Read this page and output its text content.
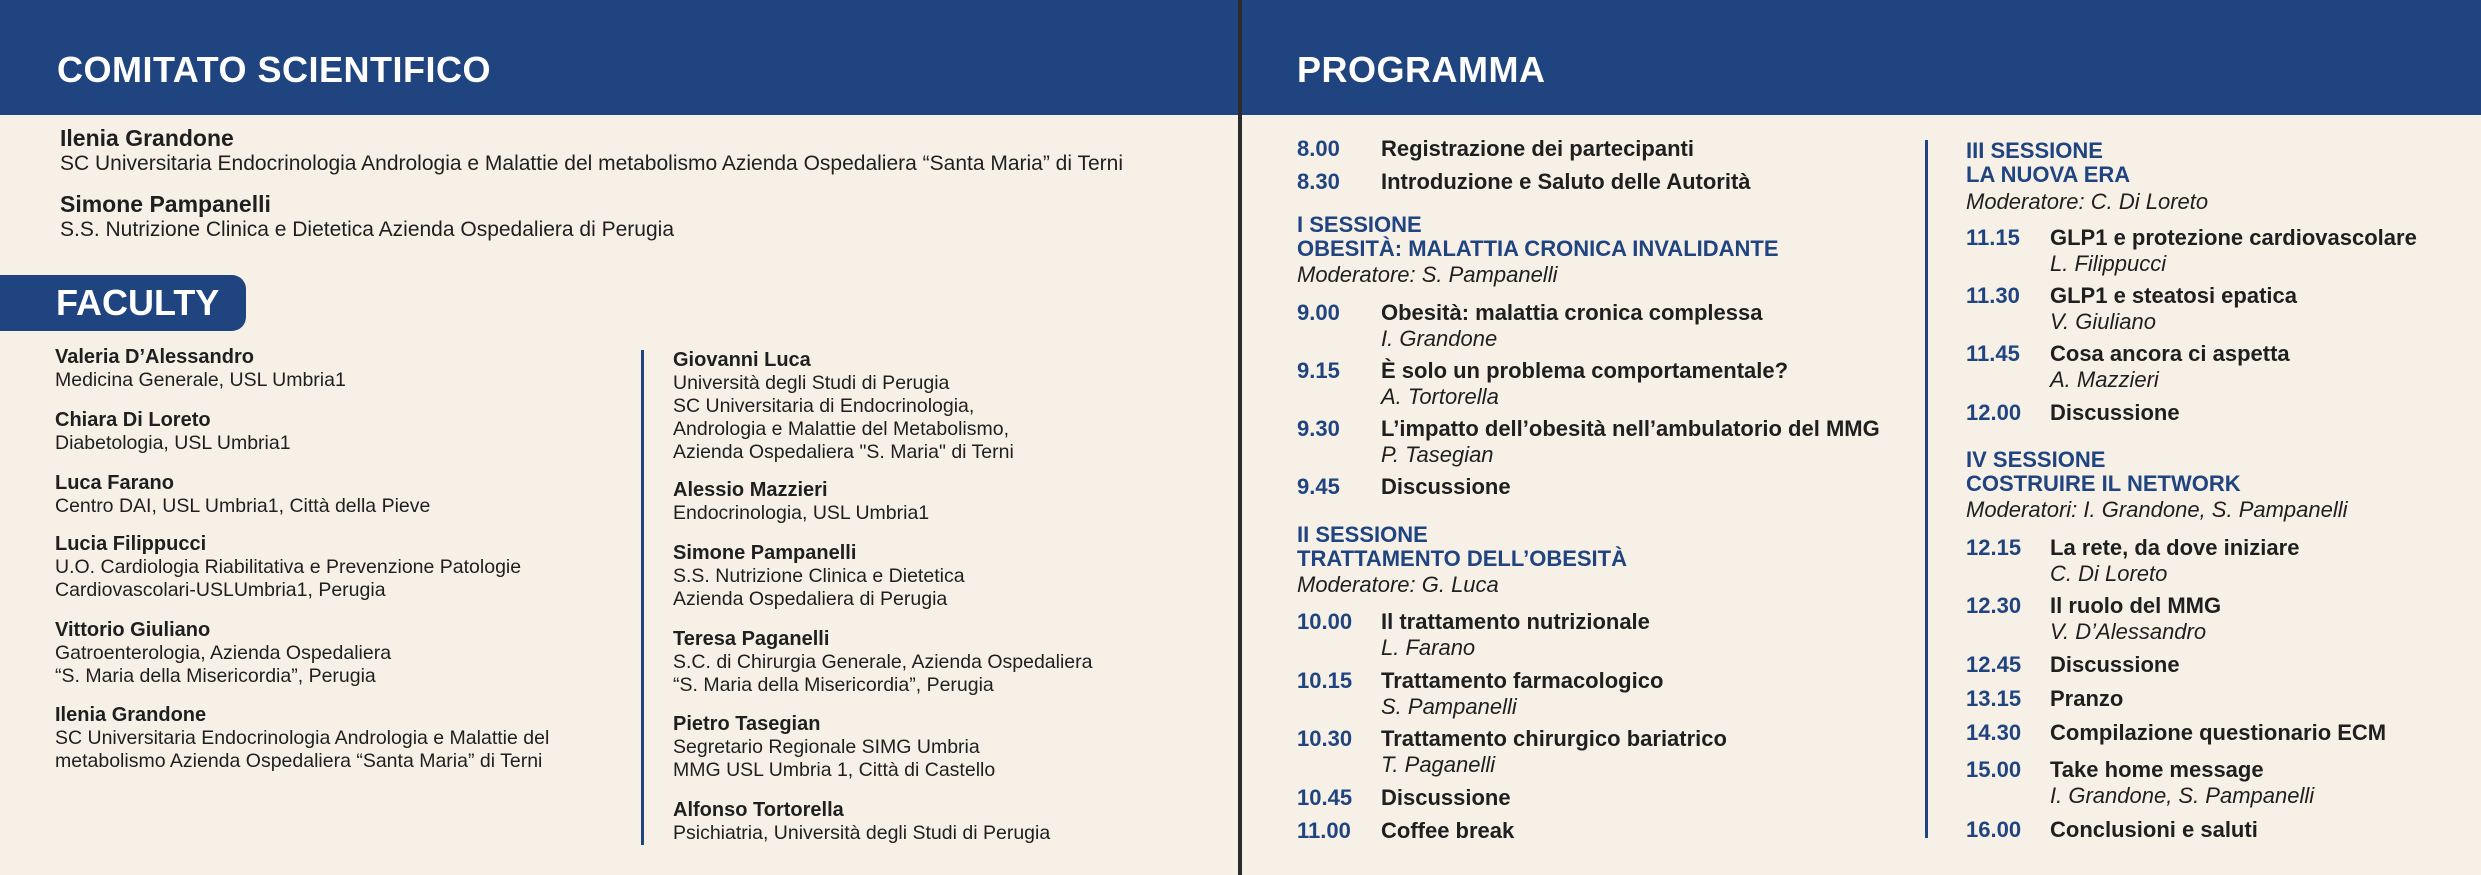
COMITATO SCIENTIFICO	PROGRAMMA
Ilenia Grandone
SC Universitaria Endocrinologia Andrologia e Malattie del metabolismo Azienda Ospedaliera “Santa Maria” di Terni
Simone Pampanelli
S.S. Nutrizione Clinica e Dietetica Azienda Ospedaliera di Perugia
FACULTY
Valeria D’Alessandro
Medicina Generale, USL Umbria1
Chiara Di Loreto
Diabetologia, USL Umbria1
Luca Farano
Centro DAI, USL Umbria1, Città della Pieve
Lucia Filippucci
U.O. Cardiologia Riabilitativa e Prevenzione Patologie
Cardiovascolari-USLUmbria1, Perugia
Vittorio Giuliano
Gatroenterologia, Azienda Ospedaliera
“S. Maria della Misericordia”, Perugia
Ilenia Grandone
SC Universitaria Endocrinologia Andrologia e Malattie del
metabolismo Azienda Ospedaliera “Santa Maria” di Terni
Giovanni Luca
Università degli Studi di Perugia
SC Universitaria di Endocrinologia,
Andrologia e Malattie del Metabolismo,
Azienda Ospedaliera "S. Maria" di Terni
Alessio Mazzieri
Endocrinologia, USL Umbria1
Simone Pampanelli
S.S. Nutrizione Clinica e Dietetica
Azienda Ospedaliera di Perugia
Teresa Paganelli
S.C. di Chirurgia Generale, Azienda Ospedaliera
“S. Maria della Misericordia”, Perugia
Pietro Tasegian
Segretario Regionale SIMG Umbria
MMG USL Umbria 1, Città di Castello
Alfonso Tortorella
Psichiatria, Università degli Studi di Perugia
8.00 Registrazione dei partecipanti
8.30 Introduzione e Saluto delle Autorità
I SESSIONE
OBESITÀ: MALATTIA CRONICA INVALIDANTE
Moderatore: S. Pampanelli
9.00 Obesità: malattia cronica complessa
I. Grandone
9.15 È solo un problema comportamentale?
A. Tortorella
9.30 L’impatto dell’obesità nell’ambulatorio del MMG
P. Tasegian
9.45 Discussione
II SESSIONE
TRATTAMENTO DELL’OBESITÀ
Moderatore: G. Luca
10.00 Il trattamento nutrizionale
L. Farano
10.15 Trattamento farmacologico
S. Pampanelli
10.30 Trattamento chirurgico bariatrico
T. Paganelli
10.45 Discussione
11.00 Coffee break
III SESSIONE
LA NUOVA ERA
Moderatore: C. Di Loreto
11.15 GLP1 e protezione cardiovascolare
L. Filippucci
11.30 GLP1 e steatosi epatica
V. Giuliano
11.45 Cosa ancora ci aspetta
A. Mazzieri
12.00 Discussione
IV SESSIONE
COSTRUIRE IL NETWORK
Moderatori: I. Grandone, S. Pampanelli
12.15 La rete, da dove iniziare
C. Di Loreto
12.30 Il ruolo del MMG
V. D’Alessandro
12.45 Discussione
13.15 Pranzo
14.30 Compilazione questionario ECM
15.00 Take home message
I. Grandone, S. Pampanelli
16.00 Conclusioni e saluti
